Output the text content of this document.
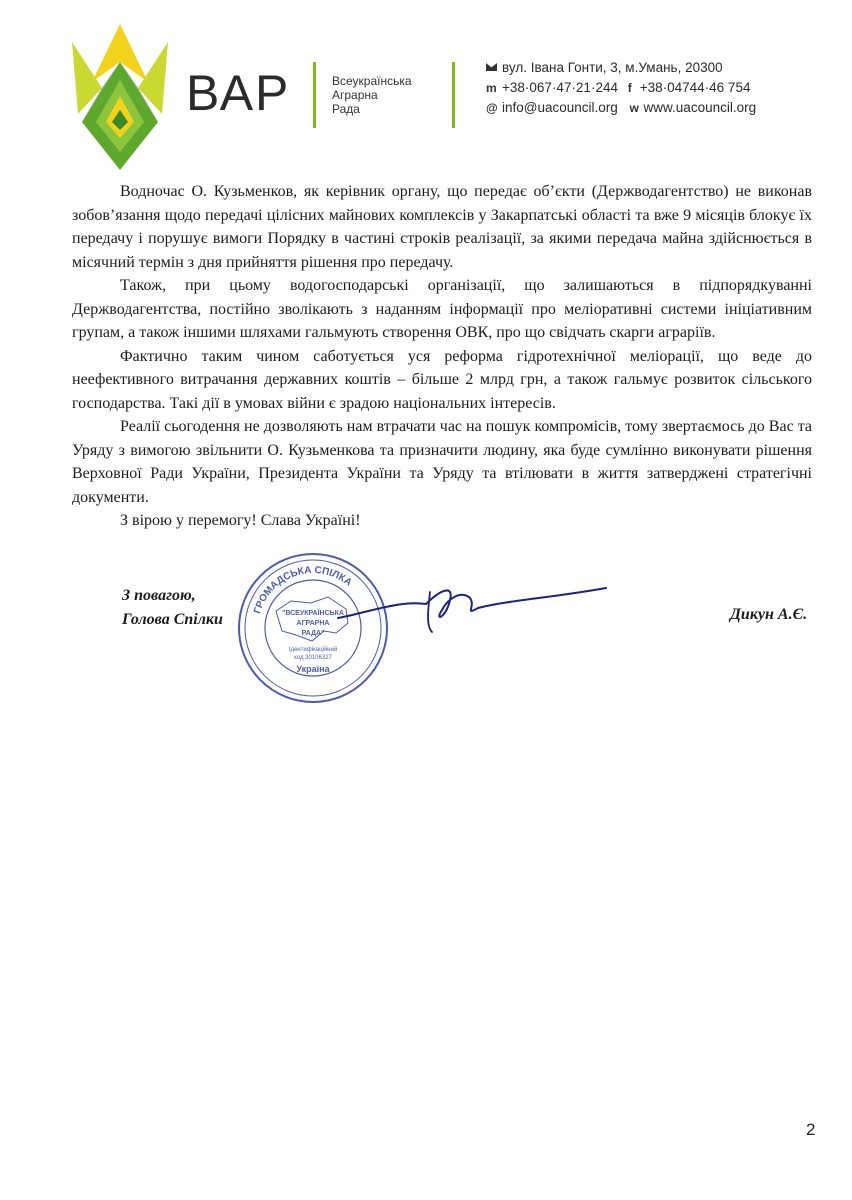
ВАР	Всеукраїнська
Аграрна
Рада
вул. Івана Гонти, 3, м.Умань, 20300
m +38·067·47·21·244 f +38·04744·46 754
@ info@uacouncil.org w www.uacouncil.org

Водночас О. Кузьменков, як керівник органу, що передає об’єкти (Держводагентство) не виконав зобов’язання щодо передачі цілісних майнових комплексів у Закарпатські області та вже 9 місяців блокує їх передачу і порушує вимоги Порядку в частині строків реалізації, за якими передача майна здійснюється в місячний термін з дня прийняття рішення про передачу.

Також, при цьому водогосподарські організації, що залишаються в підпорядкуванні Держводагентства, постійно зволікають з наданням інформації про меліоративні системи ініціативним групам, а також іншими шляхами гальмують створення ОВК, про що свідчать скарги аграріїв.

Фактично таким чином саботується уся реформа гідротехнічної меліорації, що веде до неефективного витрачання державних коштів – більше 2 млрд грн, а також гальмує розвиток сільського господарства. Такі дії в умовах війни є зрадою національних інтересів.

Реалії сьогодення не дозволяють нам втрачати час на пошук компромісів, тому звертаємось до Вас та Уряду з вимогою звільнити О. Кузьменкова та призначити людину, яка буде сумлінно виконувати рішення Верховної Ради України, Президента України та Уряду та втілювати в життя затверджені стратегічні документи.

З вірою у перемогу! Слава Україні!

З повагою,
Голова Спілки	Дикун А.Є.
ГРОМАДСЬКА СПІЛКА
"ВСЕУКРАЇНСЬКА
АГРАРНА
РАДА"
Ідентифікаційний
код 30106327
Україна
2
